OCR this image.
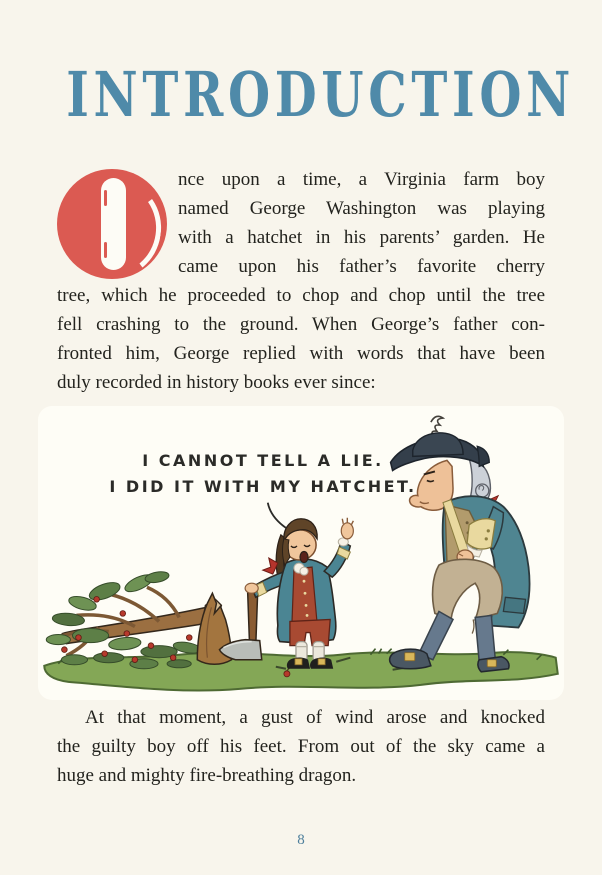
INTRODUCTION
nce upon a time, a Virginia farm boy
named George Washington was playing
with a hatchet in his parents’ garden. He
came upon his father’s favorite cherry
tree, which he proceeded to chop and chop until the tree
fell crashing to the ground. When George’s father con-
fronted him, George replied with words that have been
duly recorded in history books ever since:
I CANNOT TELL A LIE.
I DID IT WITH MY HATCHET.
At that moment, a gust of wind arose and knocked
the guilty boy off his feet. From out of the sky came a
huge and mighty fire-breathing dragon.
8
